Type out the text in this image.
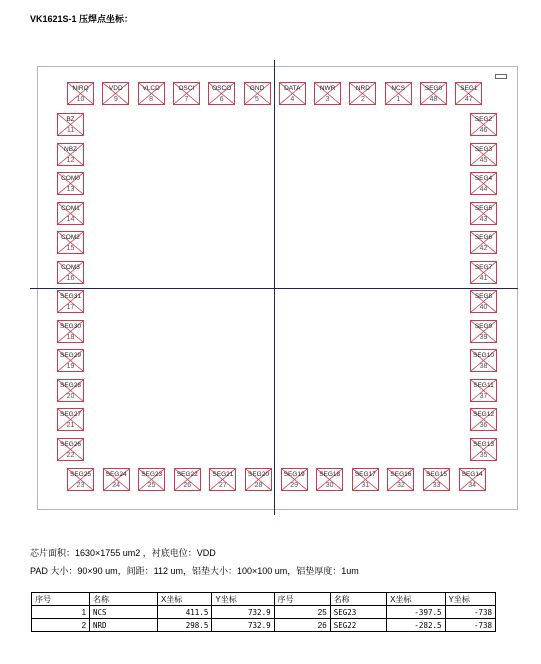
VK1621S-1 压焊点坐标：
NIRQ
10
VDD
9
VLCD
8
OSCI
7
OSCO
6
GND
5
DATA
4
NWR
3
NRD
2
NCS
1
SEG0
48
SEG1
47
BZ
11
NBZ
12
COM0
13
COM1
14
COM2
15
COM3
16
SEG31
17
SEG30
18
SEG29
19
SEG28
20
SEG27
21
SEG26
22
SEG2
46
SEG3
45
SEG4
44
SEG5
43
SEG6
42
SEG7
41
SEG8
40
SEG9
39
SEG10
38
SEG11
37
SEG12
36
SEG13
35
SEG25
23
SEG24
24
SEG23
25
SEG22
26
SEG21
27
SEG20
28
SEG19
29
SEG18
30
SEG17
31
SEG16
32
SEG15
33
SEG14
34
芯片面积：1630×1755 um2 ，衬底电位：VDD
PAD 大小：90×90 um，间距：112 um，铝垫大小：100×100 um，铝垫厚度：1um
序号	名称	X坐标	Y坐标	序号	名称	X坐标	Y坐标
1	NCS	411.5	732.9	25	SEG23	-397.5	-738
2	NRD	298.5	732.9	26	SEG22	-282.5	-738
